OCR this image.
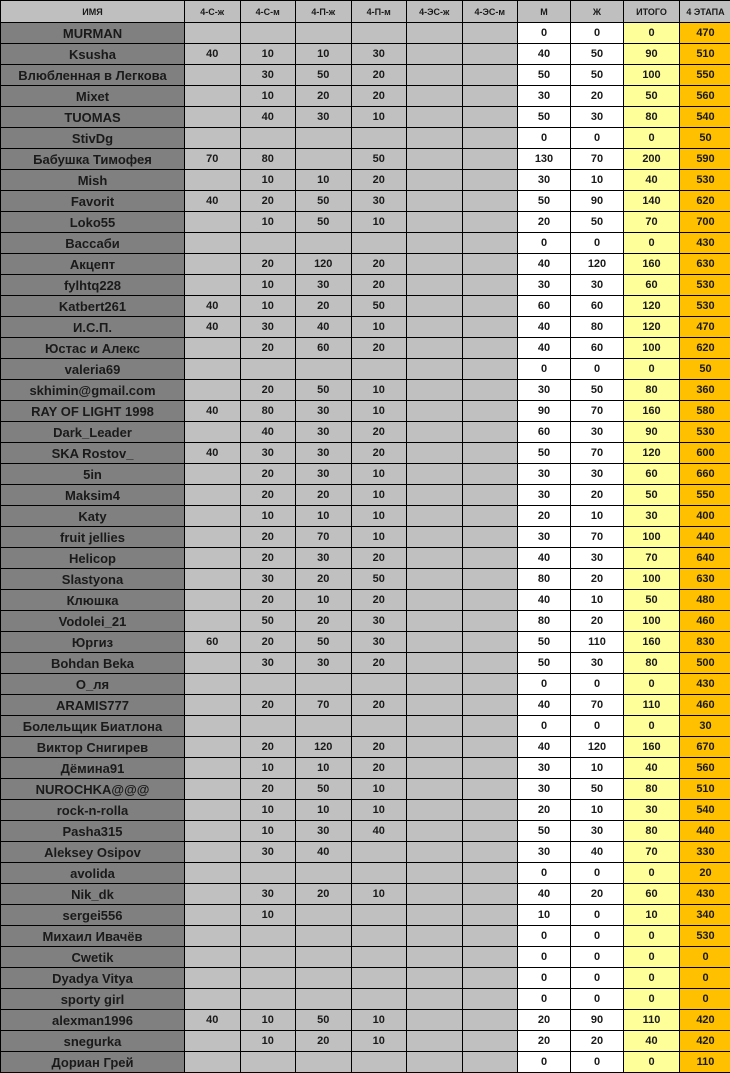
ИМЯ	4-С-ж	4-С-м	4-П-ж	4-П-м	4-ЭС-ж	4-ЭС-м	М	Ж	ИТОГО	4 ЭТАПА
MURMAN							0	0	0	470
Ksusha	40	10	10	30			40	50	90	510
Влюбленная в Легкова		30	50	20			50	50	100	550
Mixet		10	20	20			30	20	50	560
TUOMAS		40	30	10			50	30	80	540
StivDg							0	0	0	50
Бабушка Тимофея	70	80		50			130	70	200	590
Mish		10	10	20			30	10	40	530
Favorit	40	20	50	30			50	90	140	620
Loko55		10	50	10			20	50	70	700
Вассаби							0	0	0	430
Акцепт		20	120	20			40	120	160	630
fylhtq228		10	30	20			30	30	60	530
Katbert261	40	10	20	50			60	60	120	530
И.С.П.	40	30	40	10			40	80	120	470
Юстас и Алекс		20	60	20			40	60	100	620
valeria69							0	0	0	50
skhimin@gmail.com		20	50	10			30	50	80	360
RAY OF LIGHT 1998	40	80	30	10			90	70	160	580
Dark_Leader		40	30	20			60	30	90	530
SKA Rostov_	40	30	30	20			50	70	120	600
5in		20	30	10			30	30	60	660
Maksim4		20	20	10			30	20	50	550
Katy		10	10	10			20	10	30	400
fruit jellies		20	70	10			30	70	100	440
Helicop		20	30	20			40	30	70	640
Slastyona		30	20	50			80	20	100	630
Клюшка		20	10	20			40	10	50	480
Vodolei_21		50	20	30			80	20	100	460
Юргиз	60	20	50	30			50	110	160	830
Bohdan Beka		30	30	20			50	30	80	500
О_ля							0	0	0	430
ARAMIS777		20	70	20			40	70	110	460
Болельщик Биатлона							0	0	0	30
Виктор Снигирев		20	120	20			40	120	160	670
Дёмина91		10	10	20			30	10	40	560
NUROCHKA@@@		20	50	10			30	50	80	510
rock-n-rolla		10	10	10			20	10	30	540
Pasha315		10	30	40			50	30	80	440
Aleksey Osipov		30	40				30	40	70	330
avolida							0	0	0	20
Nik_dk		30	20	10			40	20	60	430
sergei556		10					10	0	10	340
Михаил Ивачёв							0	0	0	530
Cwetik							0	0	0	0
Dyadya Vitya							0	0	0	0
sporty girl							0	0	0	0
alexman1996	40	10	50	10			20	90	110	420
snegurka		10	20	10			20	20	40	420
Дориан Грей							0	0	0	110
